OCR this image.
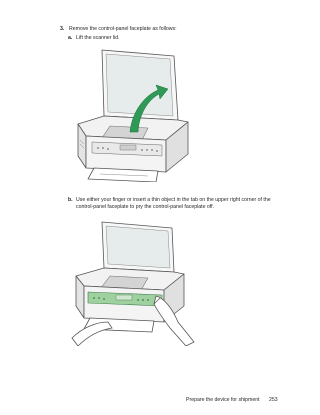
3. Remove the control-panel faceplate as follows:
a. Lift the scanner lid.
b. Use either your finger or insert a thin object in the tab on the upper right corner of the control-panel faceplate to pry the control-panel faceplate off.
Prepare the device for shipment 253
